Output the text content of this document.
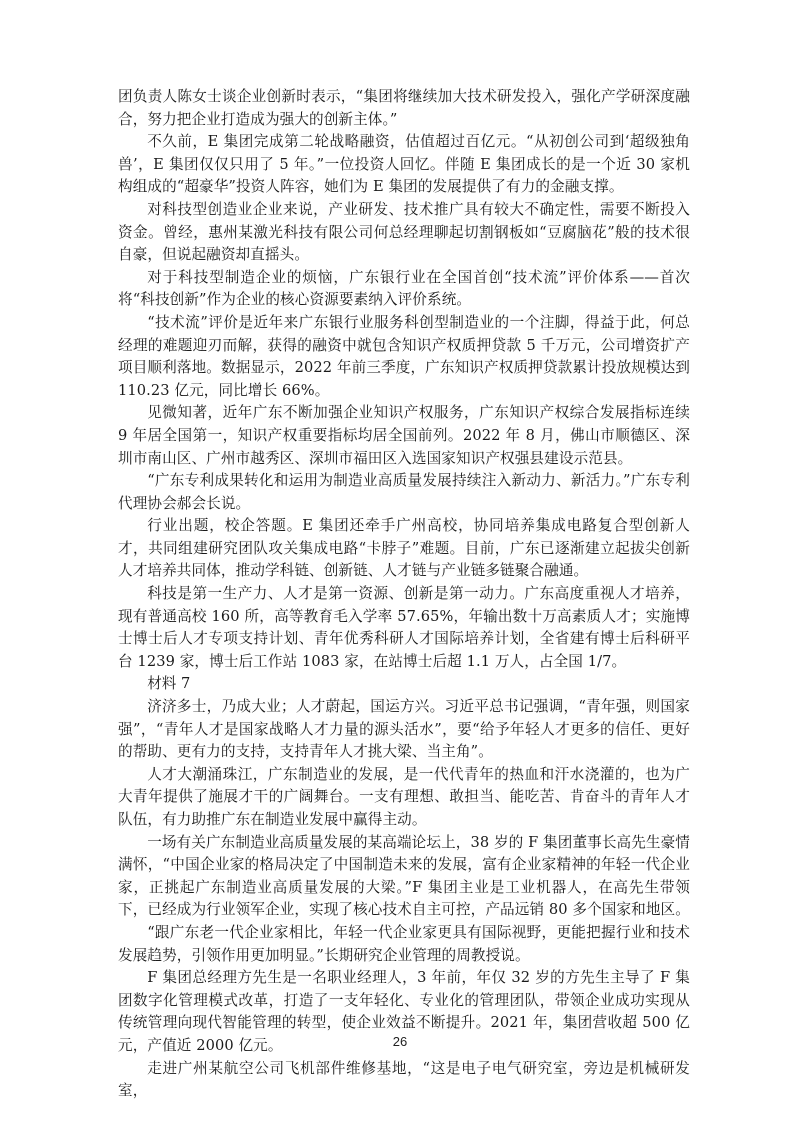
团负责人陈女士谈企业创新时表示，“集团将继续加大技术研发投入，强化产学研深度融合，努力把企业打造成为强大的创新主体。”

不久前，E 集团完成第二轮战略融资，估值超过百亿元。“从初创公司到‘超级独角兽’，E 集团仅仅只用了 5 年。”一位投资人回忆。伴随 E 集团成长的是一个近 30 家机构组成的“超豪华”投资人阵容，她们为 E 集团的发展提供了有力的金融支撑。

对科技型创造业企业来说，产业研发、技术推广具有较大不确定性，需要不断投入资金。曾经，惠州某激光科技有限公司何总经理聊起切割钢板如“豆腐脑花”般的技术很自豪，但说起融资却直摇头。

对于科技型制造企业的烦恼，广东银行业在全国首创“技术流”评价体系——首次将“科技创新”作为企业的核心资源要素纳入评价系统。

“技术流”评价是近年来广东银行业服务科创型制造业的一个注脚，得益于此，何总经理的难题迎刃而解，获得的融资中就包含知识产权质押贷款 5 千万元，公司增资扩产项目顺利落地。数据显示，2022 年前三季度，广东知识产权质押贷款累计投放规模达到 110.23 亿元，同比增长 66%。

见微知著，近年广东不断加强企业知识产权服务，广东知识产权综合发展指标连续 9 年居全国第一，知识产权重要指标均居全国前列。2022 年 8 月，佛山市顺德区、深圳市南山区、广州市越秀区、深圳市福田区入选国家知识产权强县建设示范县。

“广东专利成果转化和运用为制造业高质量发展持续注入新动力、新活力。”广东专利代理协会郝会长说。

行业出题，校企答题。E 集团还牵手广州高校，协同培养集成电路复合型创新人才，共同组建研究团队攻关集成电路“卡脖子”难题。目前，广东已逐渐建立起拔尖创新人才培养共同体，推动学科链、创新链、人才链与产业链多链聚合融通。

科技是第一生产力、人才是第一资源、创新是第一动力。广东高度重视人才培养，现有普通高校 160 所，高等教育毛入学率 57.65%，年输出数十万高素质人才；实施博士博士后人才专项支持计划、青年优秀科研人才国际培养计划，全省建有博士后科研平台 1239 家，博士后工作站 1083 家，在站博士后超 1.1 万人，占全国 1/7。

材料 7

济济多士，乃成大业；人才蔚起，国运方兴。习近平总书记强调，“青年强，则国家强”，“青年人才是国家战略人才力量的源头活水”，要“给予年轻人才更多的信任、更好的帮助、更有力的支持，支持青年人才挑大梁、当主角”。

人才大潮涌珠江，广东制造业的发展，是一代代青年的热血和汗水浇灌的，也为广大青年提供了施展才干的广阔舞台。一支有理想、敢担当、能吃苦、肯奋斗的青年人才队伍，有力助推广东在制造业发展中赢得主动。

一场有关广东制造业高质量发展的某高端论坛上，38 岁的 F 集团董事长高先生豪情满怀，“中国企业家的格局决定了中国制造未来的发展，富有企业家精神的年轻一代企业家，正挑起广东制造业高质量发展的大梁。”F 集团主业是工业机器人，在高先生带领下，已经成为行业领军企业，实现了核心技术自主可控，产品远销 80 多个国家和地区。

“跟广东老一代企业家相比，年轻一代企业家更具有国际视野，更能把握行业和技术发展趋势，引领作用更加明显。”长期研究企业管理的周教授说。

F 集团总经理方先生是一名职业经理人，3 年前，年仅 32 岁的方先生主导了 F 集团数字化管理模式改革，打造了一支年轻化、专业化的管理团队，带领企业成功实现从传统管理向现代智能管理的转型，使企业效益不断提升。2021 年，集团营收超 500 亿元，产值近 2000 亿元。

走进广州某航空公司飞机部件维修基地，“这是电子电气研究室，旁边是机械研发室，

26
